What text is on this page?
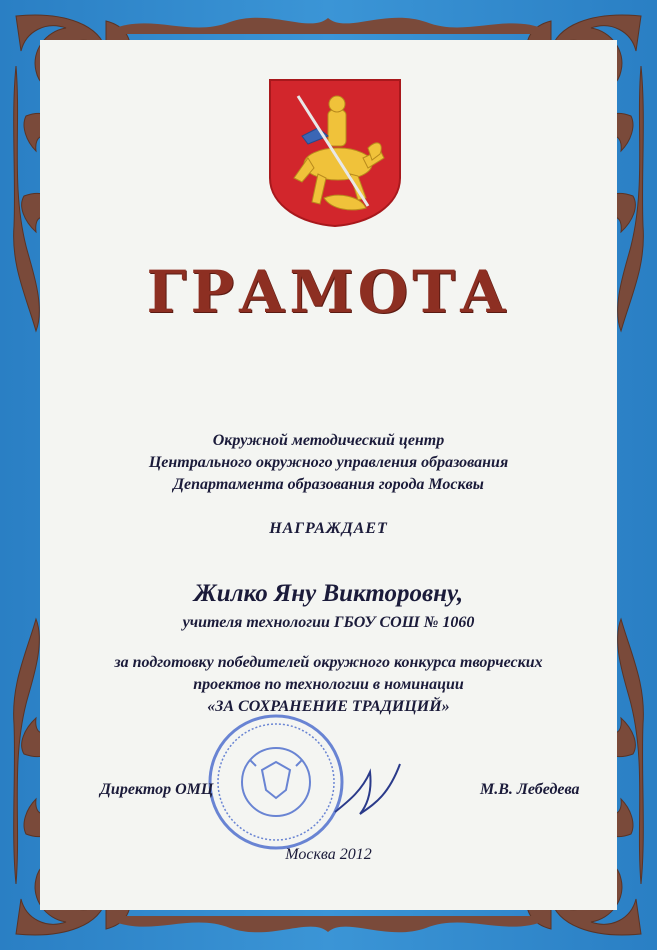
ГРАМОТА
Окружной методический центр
Центрального окружного управления образования
Департамента образования города Москвы
НАГРАЖДАЕТ
Жилко Яну Викторовну,
учителя технологии ГБОУ СОШ № 1060
за подготовку победителей окружного конкурса творческих
проектов по технологии в номинации
«ЗА СОХРАНЕНИЕ ТРАДИЦИЙ»
Директор ОМЦ	М.В. Лебедева
Москва 2012
